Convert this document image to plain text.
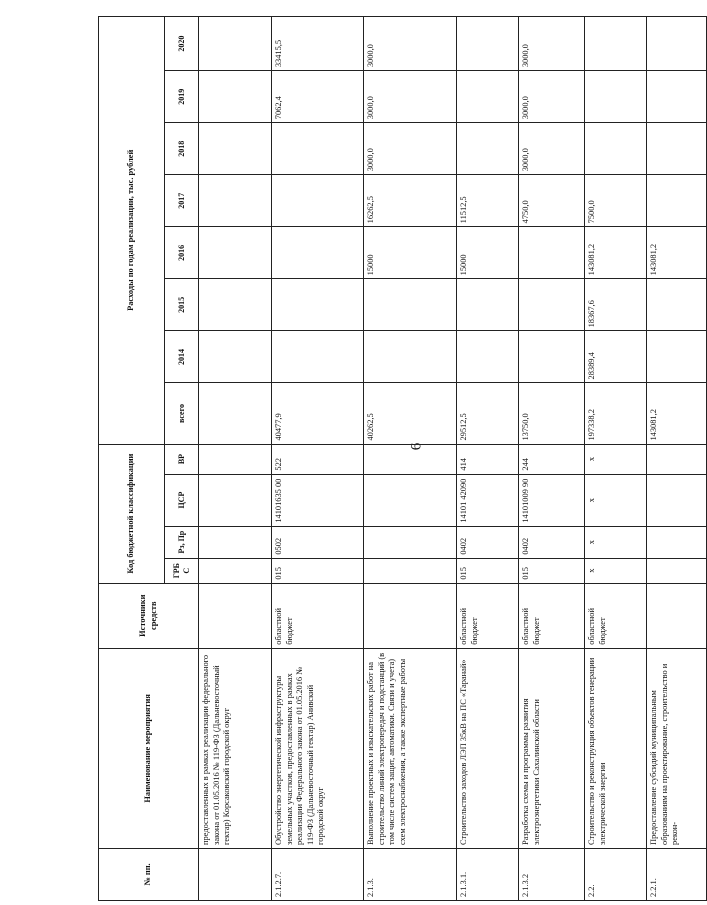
6
№ пп.	Наименование мероприятия	Источники средств	Код бюджетной классификации				Расходы по годам реализации, тыс. рублей							
			ГРБС	Рз, Пр	ЦСР	ВР	всего	2014	2015	2016	2017	2018	2019	2020
	предоставленных в рамках реализации федерального закона от 01.05.2016 № 119-ФЗ (Дальневосточный гектар) Корсаковский городской округ													
2.1.2.7.	Обустройство энергетической инфраструктуры земельных участков, предоставленных в рамках реализации Федерального закона от 01.05.2016 № 119-ФЗ (Дальневосточный гектар) Анивский городской округ	областной бюджет	015	0502	14101635 00	522	40477,9						7062,4	33415,5
2.1.3.	Выполнение проектных и изыскательских работ на строительство линий электропередач и подстанций (в том числе систем защит, автоматики. Связи и учета) схем электроснабжения, а также экспертные работы						40262,5			15000	16262,5	3000,0	3000,0	3000,0
2.1.3.1.	Строительство заходов ЛЭП 35кВ на ПС «Таранай»	областной бюджет	015	0402	14101 42090	414	29512,5			15000	11512,5			
2.1.3.2	Разработка схемы и программы развития электроэнергетики Сахалинской области	областной бюджет	015	0402	14101009 90	244	13750,0				4750,0	3000,0	3000,0	3000,0
2.2.	Строительство и реконструкция объектов генерации электрической энергии	областной бюджет	х	х	х	х	197338,2	28389,4	18367,6	143081,2	7500,0			
2.2.1.	Предоставление субсидий муниципальным образованиям на проектирование, строительство и рекон-						143081,2			143081,2				
